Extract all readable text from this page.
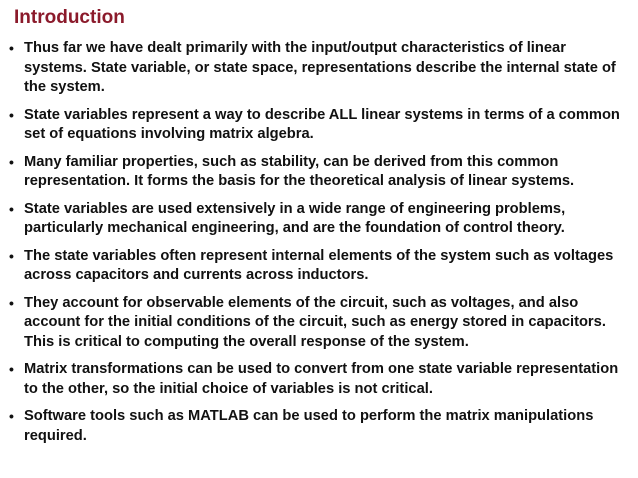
Introduction
• Thus far we have dealt primarily with the input/output characteristics of linear systems. State variable, or state space, representations describe the internal state of the system.
• State variables represent a way to describe ALL linear systems in terms of a common set of equations involving matrix algebra.
• Many familiar properties, such as stability, can be derived from this common representation. It forms the basis for the theoretical analysis of linear systems.
• State variables are used extensively in a wide range of engineering problems, particularly mechanical engineering, and are the foundation of control theory.
• The state variables often represent internal elements of the system such as voltages across capacitors and currents across inductors.
• They account for observable elements of the circuit, such as voltages, and also account for the initial conditions of the circuit, such as energy stored in capacitors. This is critical to computing the overall response of the system.
• Matrix transformations can be used to convert from one state variable representation to the other, so the initial choice of variables is not critical.
• Software tools such as MATLAB can be used to perform the matrix manipulations required.
